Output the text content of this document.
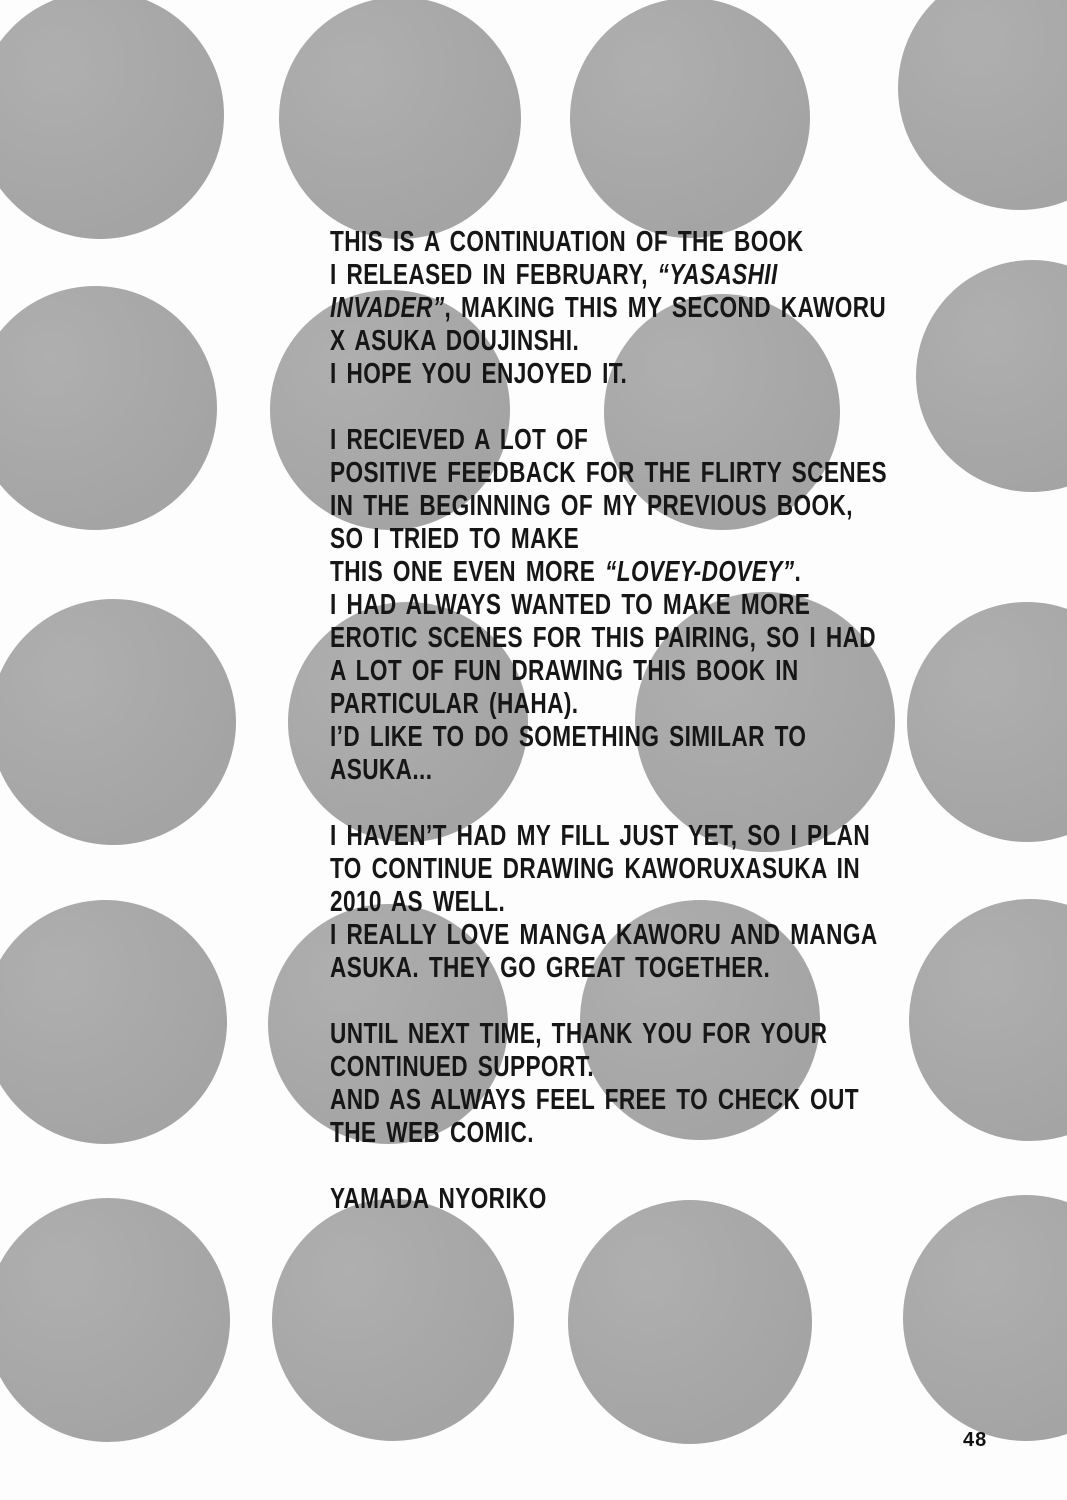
THIS IS A CONTINUATION OF THE BOOK
I RELEASED IN FEBRUARY, “YASASHII
INVADER”, MAKING THIS MY SECOND KAWORU
X ASUKA DOUJINSHI.
I HOPE YOU ENJOYED IT.
I RECIEVED A LOT OF
POSITIVE FEEDBACK FOR THE FLIRTY SCENES
IN THE BEGINNING OF MY PREVIOUS BOOK,
SO I TRIED TO MAKE
THIS ONE EVEN MORE “LOVEY-DOVEY”.
I HAD ALWAYS WANTED TO MAKE MORE
EROTIC SCENES FOR THIS PAIRING, SO I HAD
A LOT OF FUN DRAWING THIS BOOK IN
PARTICULAR (HAHA).
I’D LIKE TO DO SOMETHING SIMILAR TO
ASUKA...
I HAVEN’T HAD MY FILL JUST YET, SO I PLAN
TO CONTINUE DRAWING KAWORUXASUKA IN
2010 AS WELL.
I REALLY LOVE MANGA KAWORU AND MANGA
ASUKA. THEY GO GREAT TOGETHER.
UNTIL NEXT TIME, THANK YOU FOR YOUR
CONTINUED SUPPORT.
AND AS ALWAYS FEEL FREE TO CHECK OUT
THE WEB COMIC.
YAMADA NYORIKO
48
